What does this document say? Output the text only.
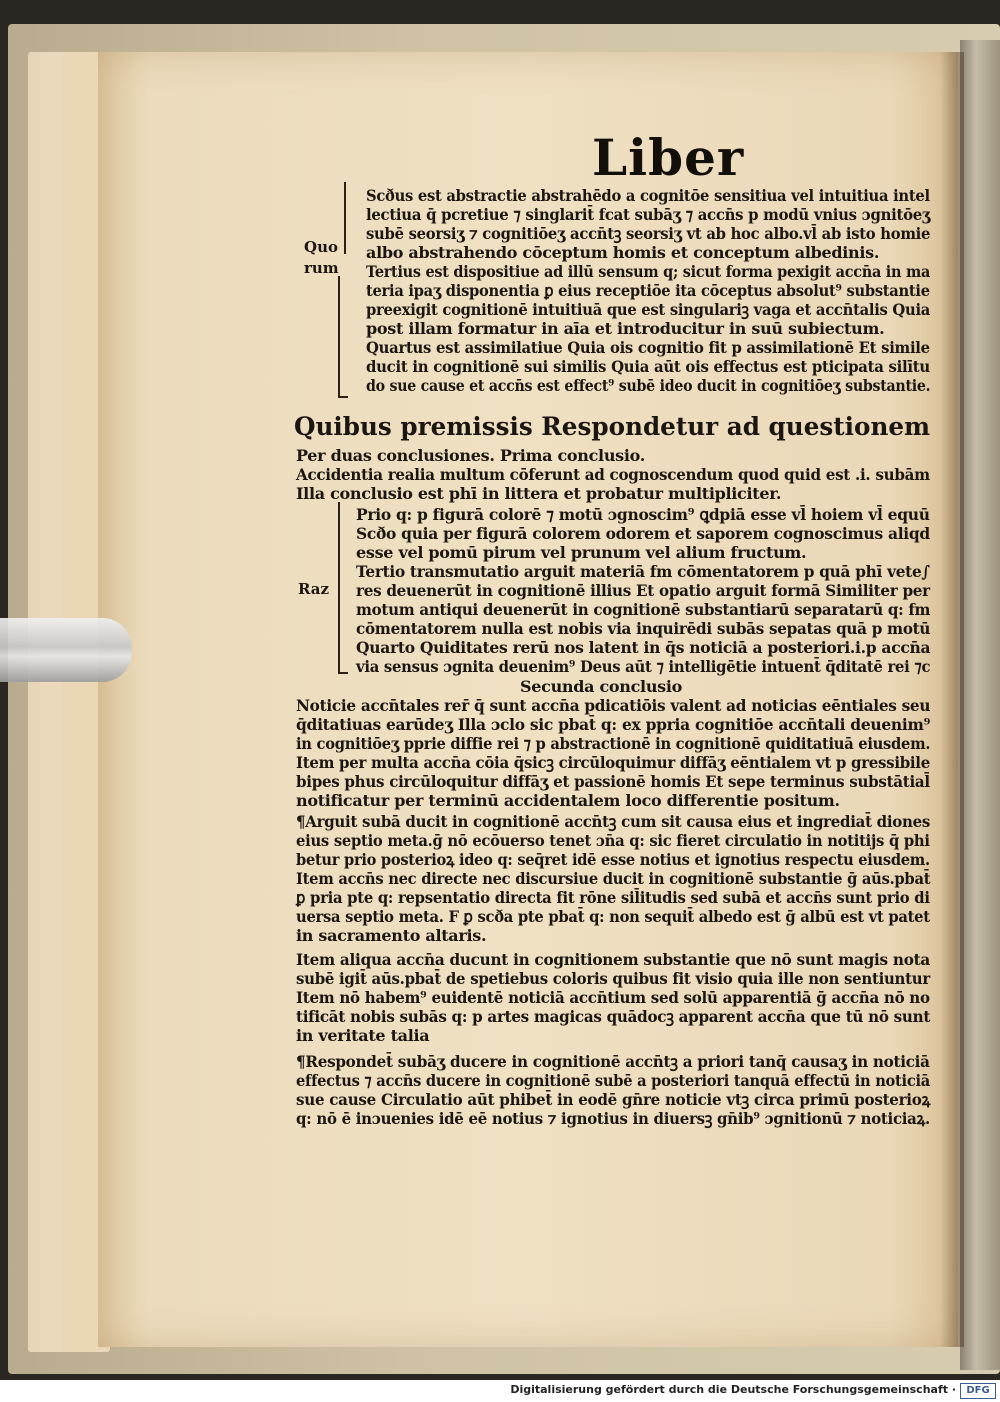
Liber
Quo
rum
Raz
Scðus est abstractie abstrahēdo a cognitōe sensitiua vel intuitiua intel
lectiua q̄ pcretiue ⁊ singlarit̄ fcat subāʒ ⁊ accn̄s p modū vnius ɔgnitōeʒ
subē seorsiʒ ⁊ cognitiōeʒ accn̄tꝫ seorsiʒ vt ab hoc albo.vl̄ ab isto homie
albo abstrahendo cōceptum homis et conceptum albedinis.
Tertius est dispositiue ad illū sensum q; sicut forma pexigit accn̄a in ma
teria ipaʒ disponentia ꝑ eius receptiōe ita cōceptus absolut⁹ substantie
preexigit cognitionē intuitiuā que est singulariꝫ vaga et accn̄talis Quia
post illam formatur in aīa et introducitur in suū subiectum.
Quartus est assimilatiue Quia ois cognitio fit p assimilationē Et simile
ducit in cognitionē sui similis Quia aūt ois effectus est pticipata silītu
do sue cause et accn̄s est effect⁹ subē ideo ducit in cognitiōeʒ substantie.
Quibus premissis Respondetur ad questionem
Per duas conclusiones. Prima conclusio.
Accidentia realia multum cōferunt ad cognoscendum quod quid est .i. subām
Illa conclusio est phī in littera et probatur multipliciter.
Prio q: p figurā colorē ⁊ motū ɔgnoscim⁹ ꝗdpiā esse vl̄ hoiem vl̄ equū
Scðo quia per figurā colorem odorem et saporem cognoscimus aliqd
esse vel pomū pirum vel prunum vel alium fructum.
Tertio transmutatio arguit materiā fm cōmentatorem p quā phī vete∫
res deuenerūt in cognitionē illius Et opatio arguit formā Similiter per
motum antiqui deuenerūt in cognitionē substantiarū separatarū q: fm
cōmentatorem nulla est nobis via inquirēdi subās sepatas quā p motū
Quarto Quiditates rerū nos latent in q̄s noticiā a posteriori.i.p accn̄a
via sensus ɔgnita deuenim⁹ Deus aūt ⁊ intelligētie intuent̄ q̄ditatē rei ⁊c
Secunda conclusio
Noticie accn̄tales rer̄ q̄ sunt accn̄a pdicatiōis valent ad noticias eēntiales seu
q̄ditatiuas earūdeʒ Illa ɔclo sic pbat̄ q: ex ppria cognitiōe accn̄tali deuenim⁹
in cognitiōeʒ pprie diffie rei ⁊ p abstractionē in cognitionē quiditatiuā eiusdem.
Item per multa accn̄a cōia q̄sicꝫ circūloquimur diffāʒ eēntialem vt p gressibile
bipes phus circūloquitur diffāʒ et passionē homis Et sepe terminus substātial̄
notificatur per terminū accidentalem loco differentie positum.
¶Arguit subā ducit in cognitionē accn̄tꝫ cum sit causa eius et ingrediat̄ diones
eius septio meta.ḡ nō ecōuerso tenet ɔn̄a q: sic fieret circulatio in notitijs q̄ phi
betur prio posterioꝝ ideo q: seq̄ret idē esse notius et ignotius respectu eiusdem.
Item accn̄s nec directe nec discursiue ducit in cognitionē substantie ḡ aūs.pbat̄
ꝑ pria pte q: repsentatio directa fit rōne sil̄itudis sed subā et accn̄s sunt prio di
uersa septio meta. F ꝑ scða pte pbat̄ q: non sequit̄ albedo est ḡ albū est vt patet
in sacramento altaris.
Item aliqua accn̄a ducunt in cognitionem substantie que nō sunt magis nota
subē igit̄ aūs.pbat̄ de spetiebus coloris quibus fit visio quia ille non sentiuntur
Item nō habem⁹ euidentē noticiā accn̄tium sed solū apparentiā ḡ accn̄a nō no
tificāt nobis subās q: p artes magicas quādocꝫ apparent accn̄a que tū nō sunt
in veritate talia
¶Respondet̄ subāʒ ducere in cognitionē accn̄tꝫ a priori tanq̄ causaʒ in noticiā
effectus ⁊ accn̄s ducere in cognitionē subē a posteriori tanquā effectū in noticiā
sue cause Circulatio aūt phibet̄ in eodē gn̄re noticie vtꝫ circa primū posterioꝝ
q: nō ē inɔuenies idē eē notius ⁊ ignotius in diuersꝫ gn̄ib⁹ ɔgnitionū ⁊ noticiaꝝ.
Digitalisierung gefördert durch die Deutsche Forschungsgemeinschaft ·	DFG
